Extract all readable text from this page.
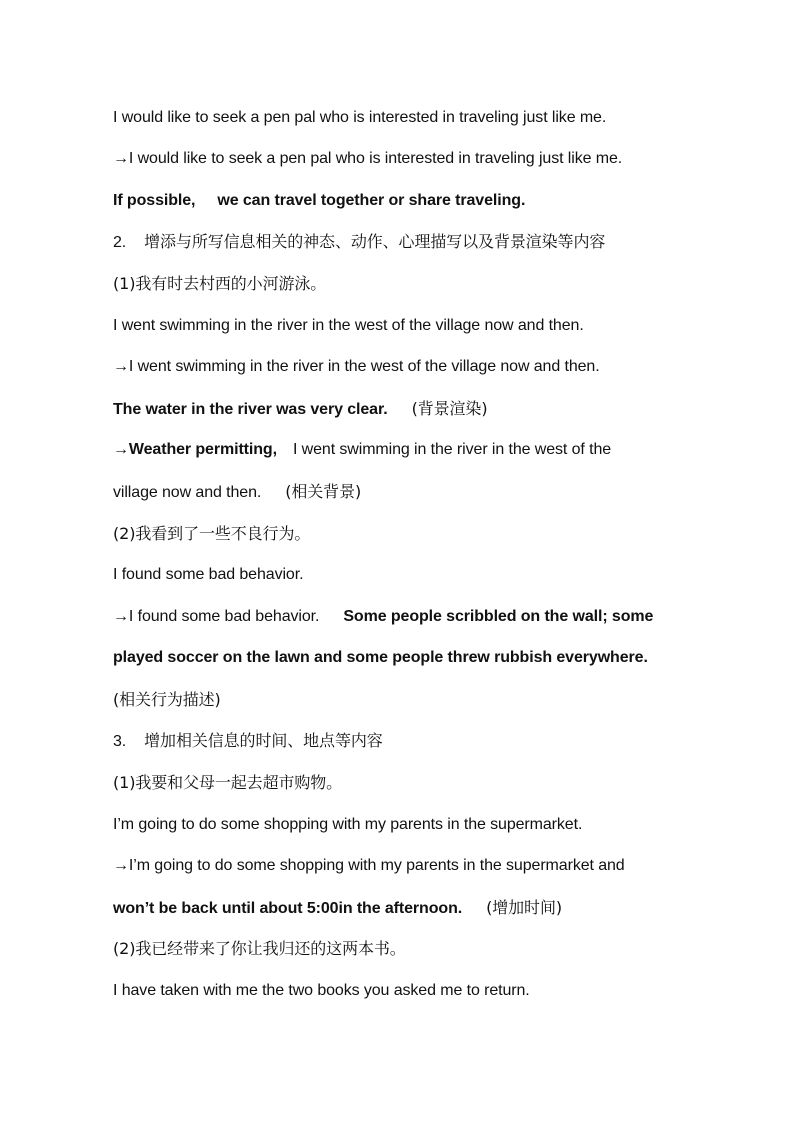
I would like to seek a pen pal who is interested in traveling just like me.
→I would like to seek a pen pal who is interested in traveling just like me.
If possible, we can travel together or share traveling.
2. 增添与所写信息相关的神态、动作、心理描写以及背景渲染等内容
(1)我有时去村西的小河游泳。
I went swimming in the river in the west of the village now and then.
→I went swimming in the river in the west of the village now and then.
The water in the river was very clear. (背景渲染)
→Weather permitting, I went swimming in the river in the west of the
village now and then. (相关背景)
(2)我看到了一些不良行为。
I found some bad behavior.
→I found some bad behavior. Some people scribbled on the wall; some
played soccer on the lawn and some people threw rubbish everywhere.
(相关行为描述)
3. 增加相关信息的时间、地点等内容
(1)我要和父母一起去超市购物。
I’m going to do some shopping with my parents in the supermarket.
→I’m going to do some shopping with my parents in the supermarket and
won’t be back until about 5:00in the afternoon. (增加时间)
(2)我已经带来了你让我归还的这两本书。
I have taken with me the two books you asked me to return.
